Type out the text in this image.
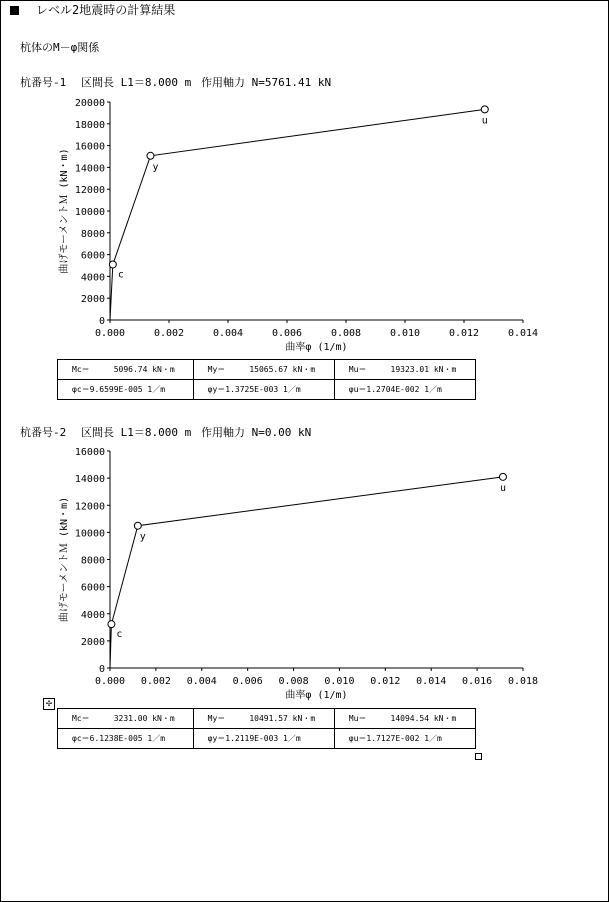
レベル2地震時の計算結果
杭体のM－φ関係
杭番号-1 区間長 L1＝8.000 m 作用軸力 N=5761.41 kN
0.000	0.002	0.004	0.006	0.008	0.010	0.012	0.014
0
2000
4000
6000
8000
10000
12000
14000
16000
18000
20000
曲率φ (1/m)
曲げモーメントＭ (kN・m)
c
y
u
Mc＝     5096.74 kN・m	My＝     15065.67 kN・m	Mu＝     19323.01 kN・m
φc＝9.6599E-005 1／m	φy＝1.3725E-003 1／m	φu＝1.2704E-002 1／m
杭番号-2 区間長 L1＝8.000 m 作用軸力 N=0.00 kN
0.000 0.002 0.004 0.006 0.008 0.010 0.012 0.014 0.016 0.018
0
2000
4000
6000
8000
10000
12000
14000
16000
曲率φ (1/m)
曲げモーメントＭ (kN・m)
c
y
u
✣
Mc＝     3231.00 kN・m	My＝     10491.57 kN・m	Mu＝     14094.54 kN・m
φc＝6.1238E-005 1／m	φy＝1.2119E-003 1／m	φu＝1.7127E-002 1／m
